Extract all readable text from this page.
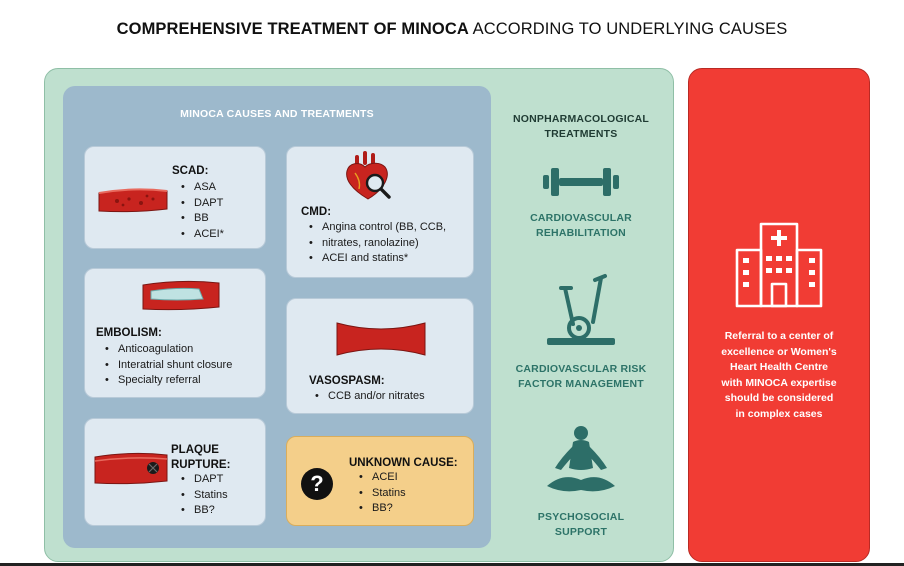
COMPREHENSIVE TREATMENT OF MINOCA ACCORDING TO UNDERLYING CAUSES
MINOCA CAUSES AND TREATMENTS
SCAD:
• ASA
• DAPT
• BB
• ACEI*
CMD:
• Angina control (BB, CCB,
• nitrates, ranolazine)
• ACEI and statins*
EMBOLISM:
• Anticoagulation
• Interatrial shunt closure
• Specialty referral	VASOSPASM:
• CCB and/or nitrates
PLAQUE
RUPTURE:
• DAPT
• Statins
• BB?
?
UNKNOWN CAUSE:
• ACEI
• Statins
• BB?
NONPHARMACOLOGICAL
TREATMENTS
CARDIOVASCULAR
REHABILITATION
CARDIOVASCULAR RISK
FACTOR MANAGEMENT
PSYCHOSOCIAL
SUPPORT
Referral to a center of
excellence or Women's
Heart Health Centre
with MINOCA expertise
should be considered
in complex cases
